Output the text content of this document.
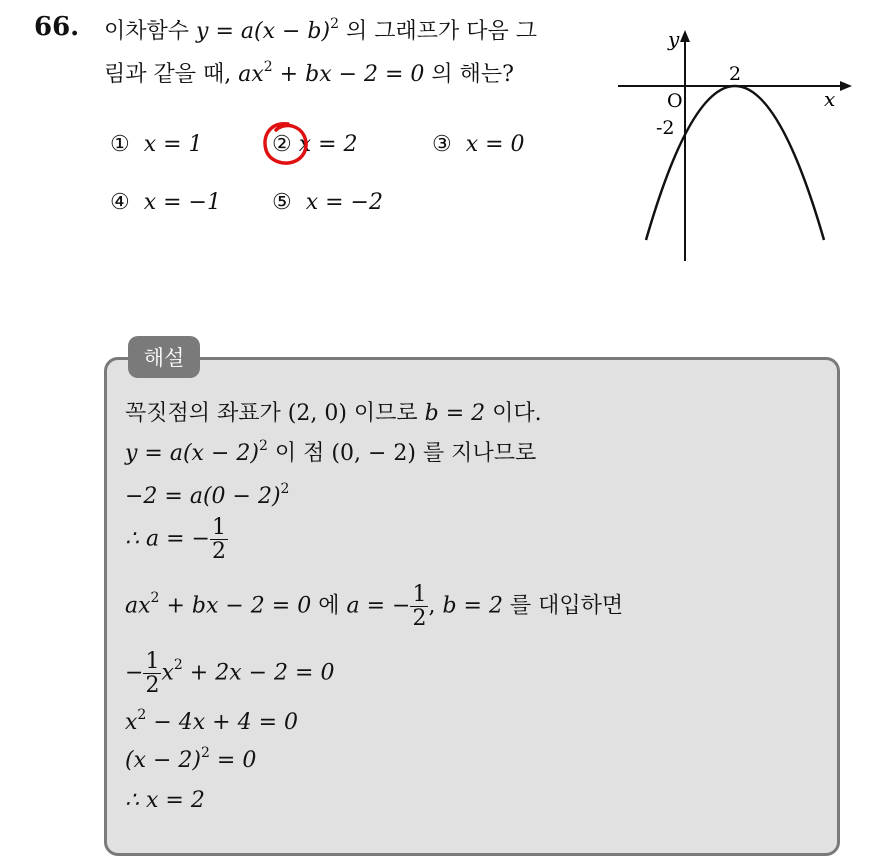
66. 이차함수 $y = a(x - b)^2$ 의 그래프가 다음 그
림과 같을 때, $ax^2$ + bx − 2 = 0 의 해는?
① x = 1	② x = 2	③ x = 0
④ x = −1 ⑤ x = −2
y
x
O
2
-2
해설
꼭짓점의 좌표가 (2, 0) 이므로 b = 2 이다.
$y = a(x - 2)^2$ 이 점 (0, − 2) 를 지나므로
$-2 = a(0 - 2)^2$
∴ a = − $\frac{1}{2}$
$ax^2$ + bx − 2 = 0 에 a = − $\frac{1}{2}$ , b = 2 를 대입하면
− $\frac{1}{2} x^2 + 2x - 2 = 0$
$x^2 - 4x + 4 = 0$
$(x - 2)^2 = 0$
∴ x = 2
